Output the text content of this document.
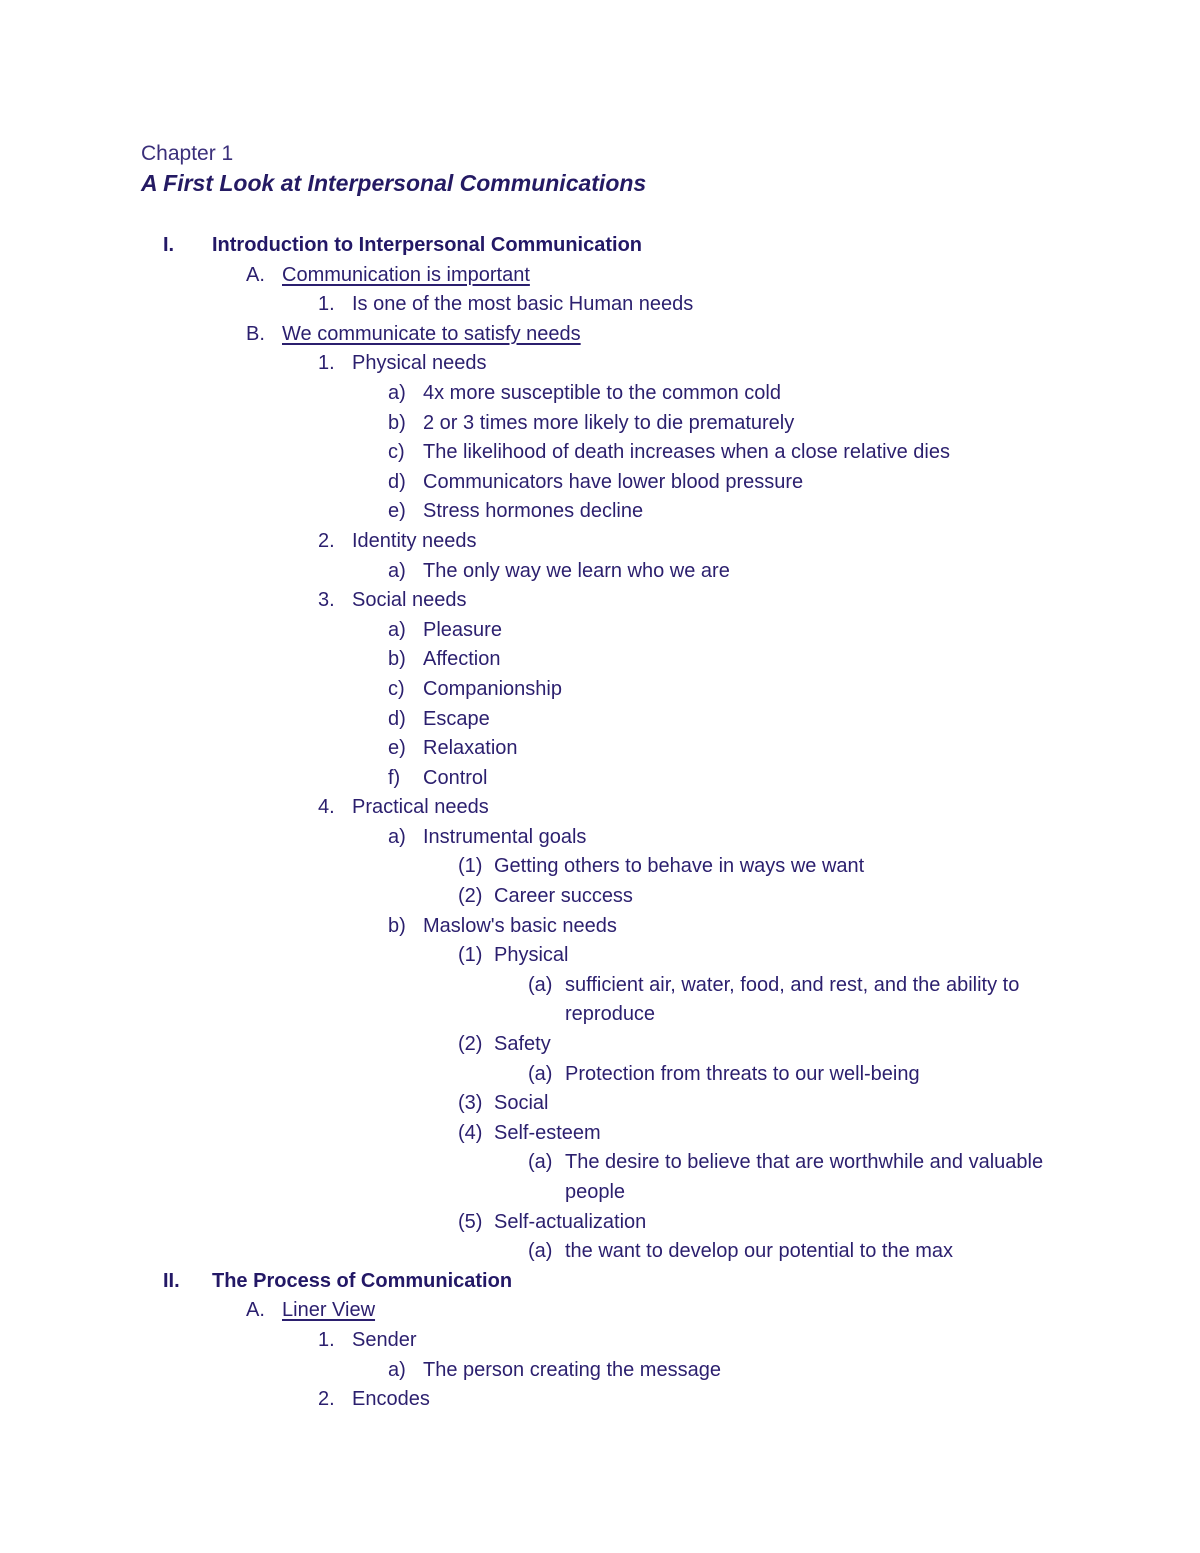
Chapter 1
A First Look at Interpersonal Communications
I. Introduction to Interpersonal Communication
A. Communication is important
1. Is one of the most basic Human needs
B. We communicate to satisfy needs
1. Physical needs
a) 4x more susceptible to the common cold
b) 2 or 3 times more likely to die prematurely
c) The likelihood of death increases when a close relative dies
d) Communicators have lower blood pressure
e) Stress hormones decline
2. Identity needs
a) The only way we learn who we are
3. Social needs
a) Pleasure
b) Affection
c) Companionship
d) Escape
e) Relaxation
f) Control
4. Practical needs
a) Instrumental goals
(1) Getting others to behave in ways we want
(2) Career success
b) Maslow's basic needs
(1) Physical
(a) sufficient air, water, food, and rest, and the ability to reproduce
(2) Safety
(a) Protection from threats to our well-being
(3) Social
(4) Self-esteem
(a) The desire to believe that are worthwhile and valuable people
(5) Self-actualization
(a) the want to develop our potential to the max
II. The Process of Communication
A. Liner View
1. Sender
a) The person creating the message
2. Encodes
